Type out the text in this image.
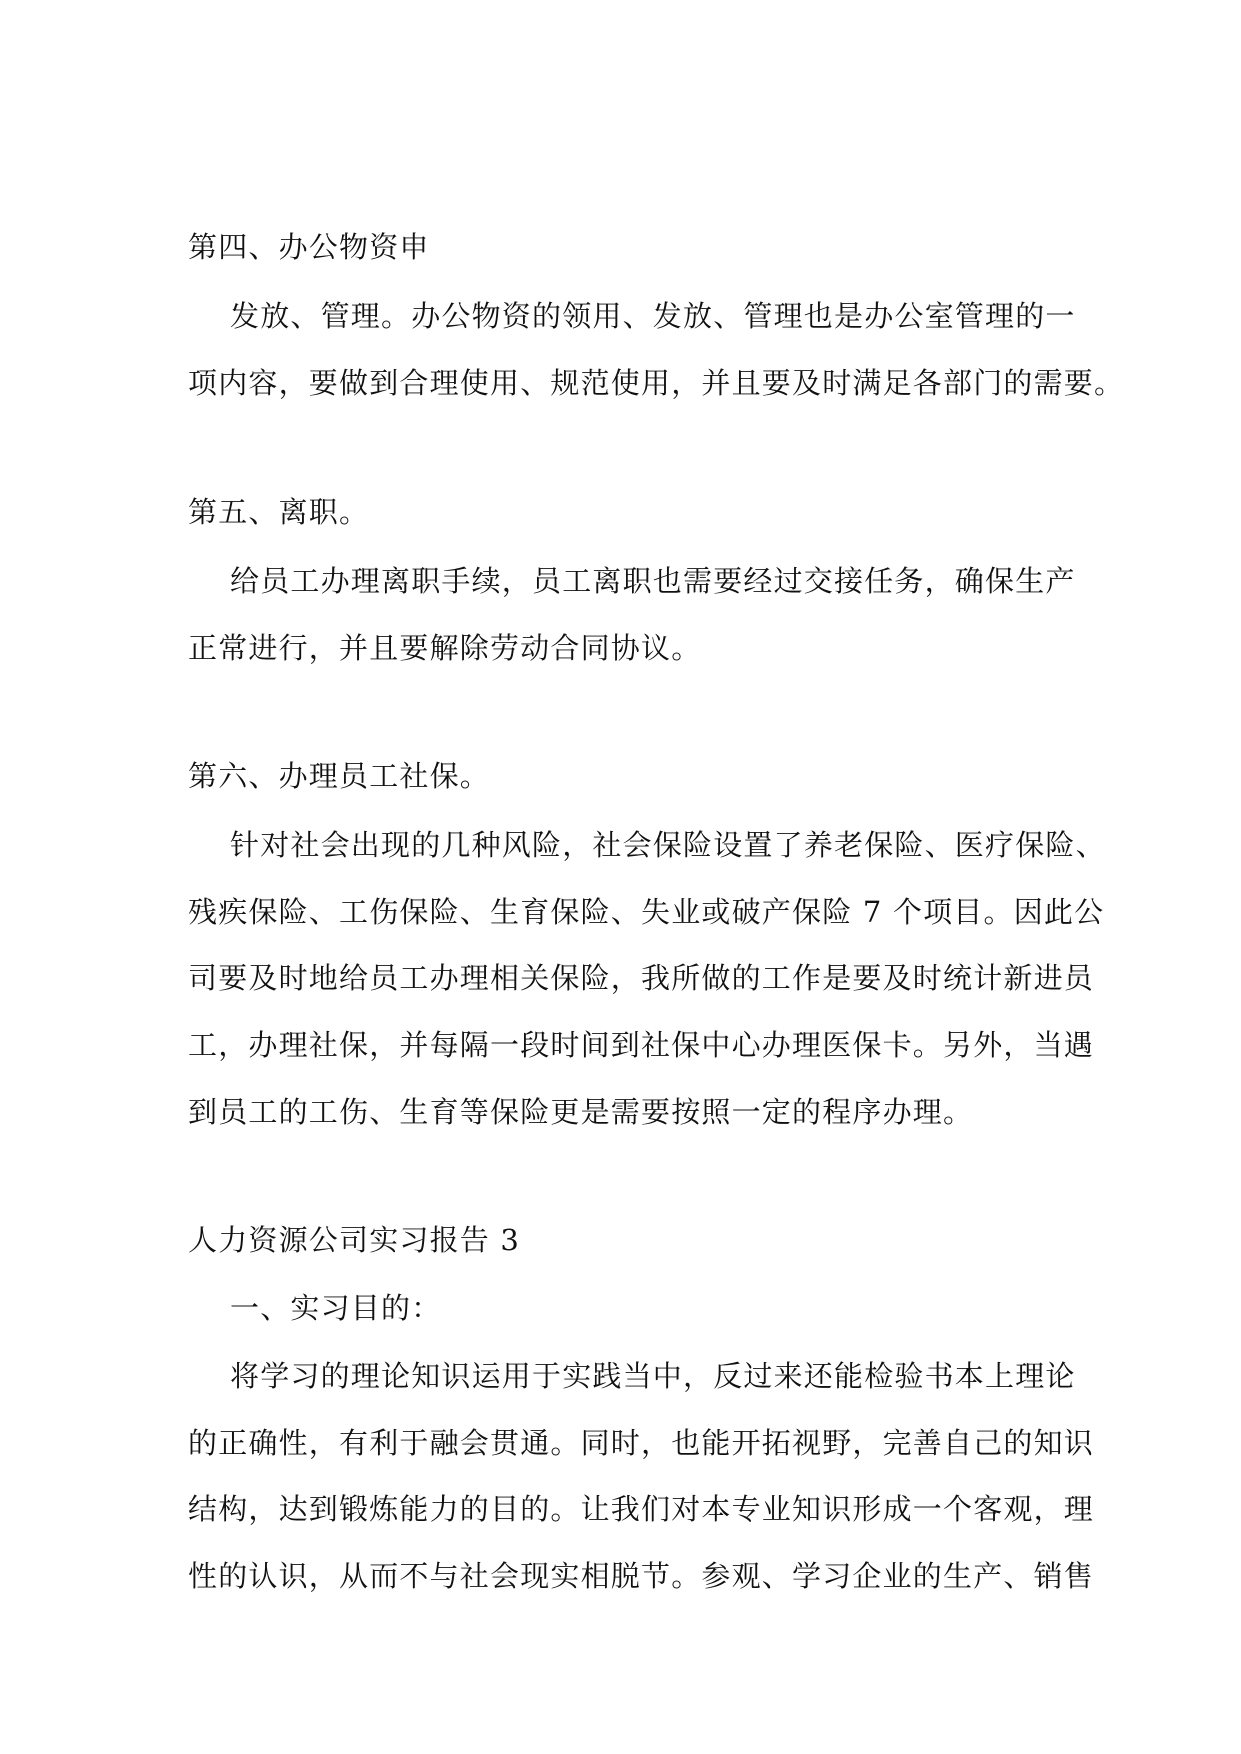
第四、办公物资申
发放、管理。办公物资的领用、发放、管理也是办公室管理的一
项内容，要做到合理使用、规范使用，并且要及时满足各部门的需要。
第五、离职。
给员工办理离职手续，员工离职也需要经过交接任务，确保生产
正常进行，并且要解除劳动合同协议。
第六、办理员工社保。
针对社会出现的几种风险，社会保险设置了养老保险、医疗保险、
残疾保险、工伤保险、生育保险、失业或破产保险 7 个项目。因此公
司要及时地给员工办理相关保险，我所做的工作是要及时统计新进员
工，办理社保，并每隔一段时间到社保中心办理医保卡。另外，当遇
到员工的工伤、生育等保险更是需要按照一定的程序办理。
人力资源公司实习报告 3
一、实习目的：
将学习的理论知识运用于实践当中，反过来还能检验书本上理论
的正确性，有利于融会贯通。同时，也能开拓视野，完善自己的知识
结构，达到锻炼能力的目的。让我们对本专业知识形成一个客观，理
性的认识，从而不与社会现实相脱节。参观、学习企业的生产、销售
